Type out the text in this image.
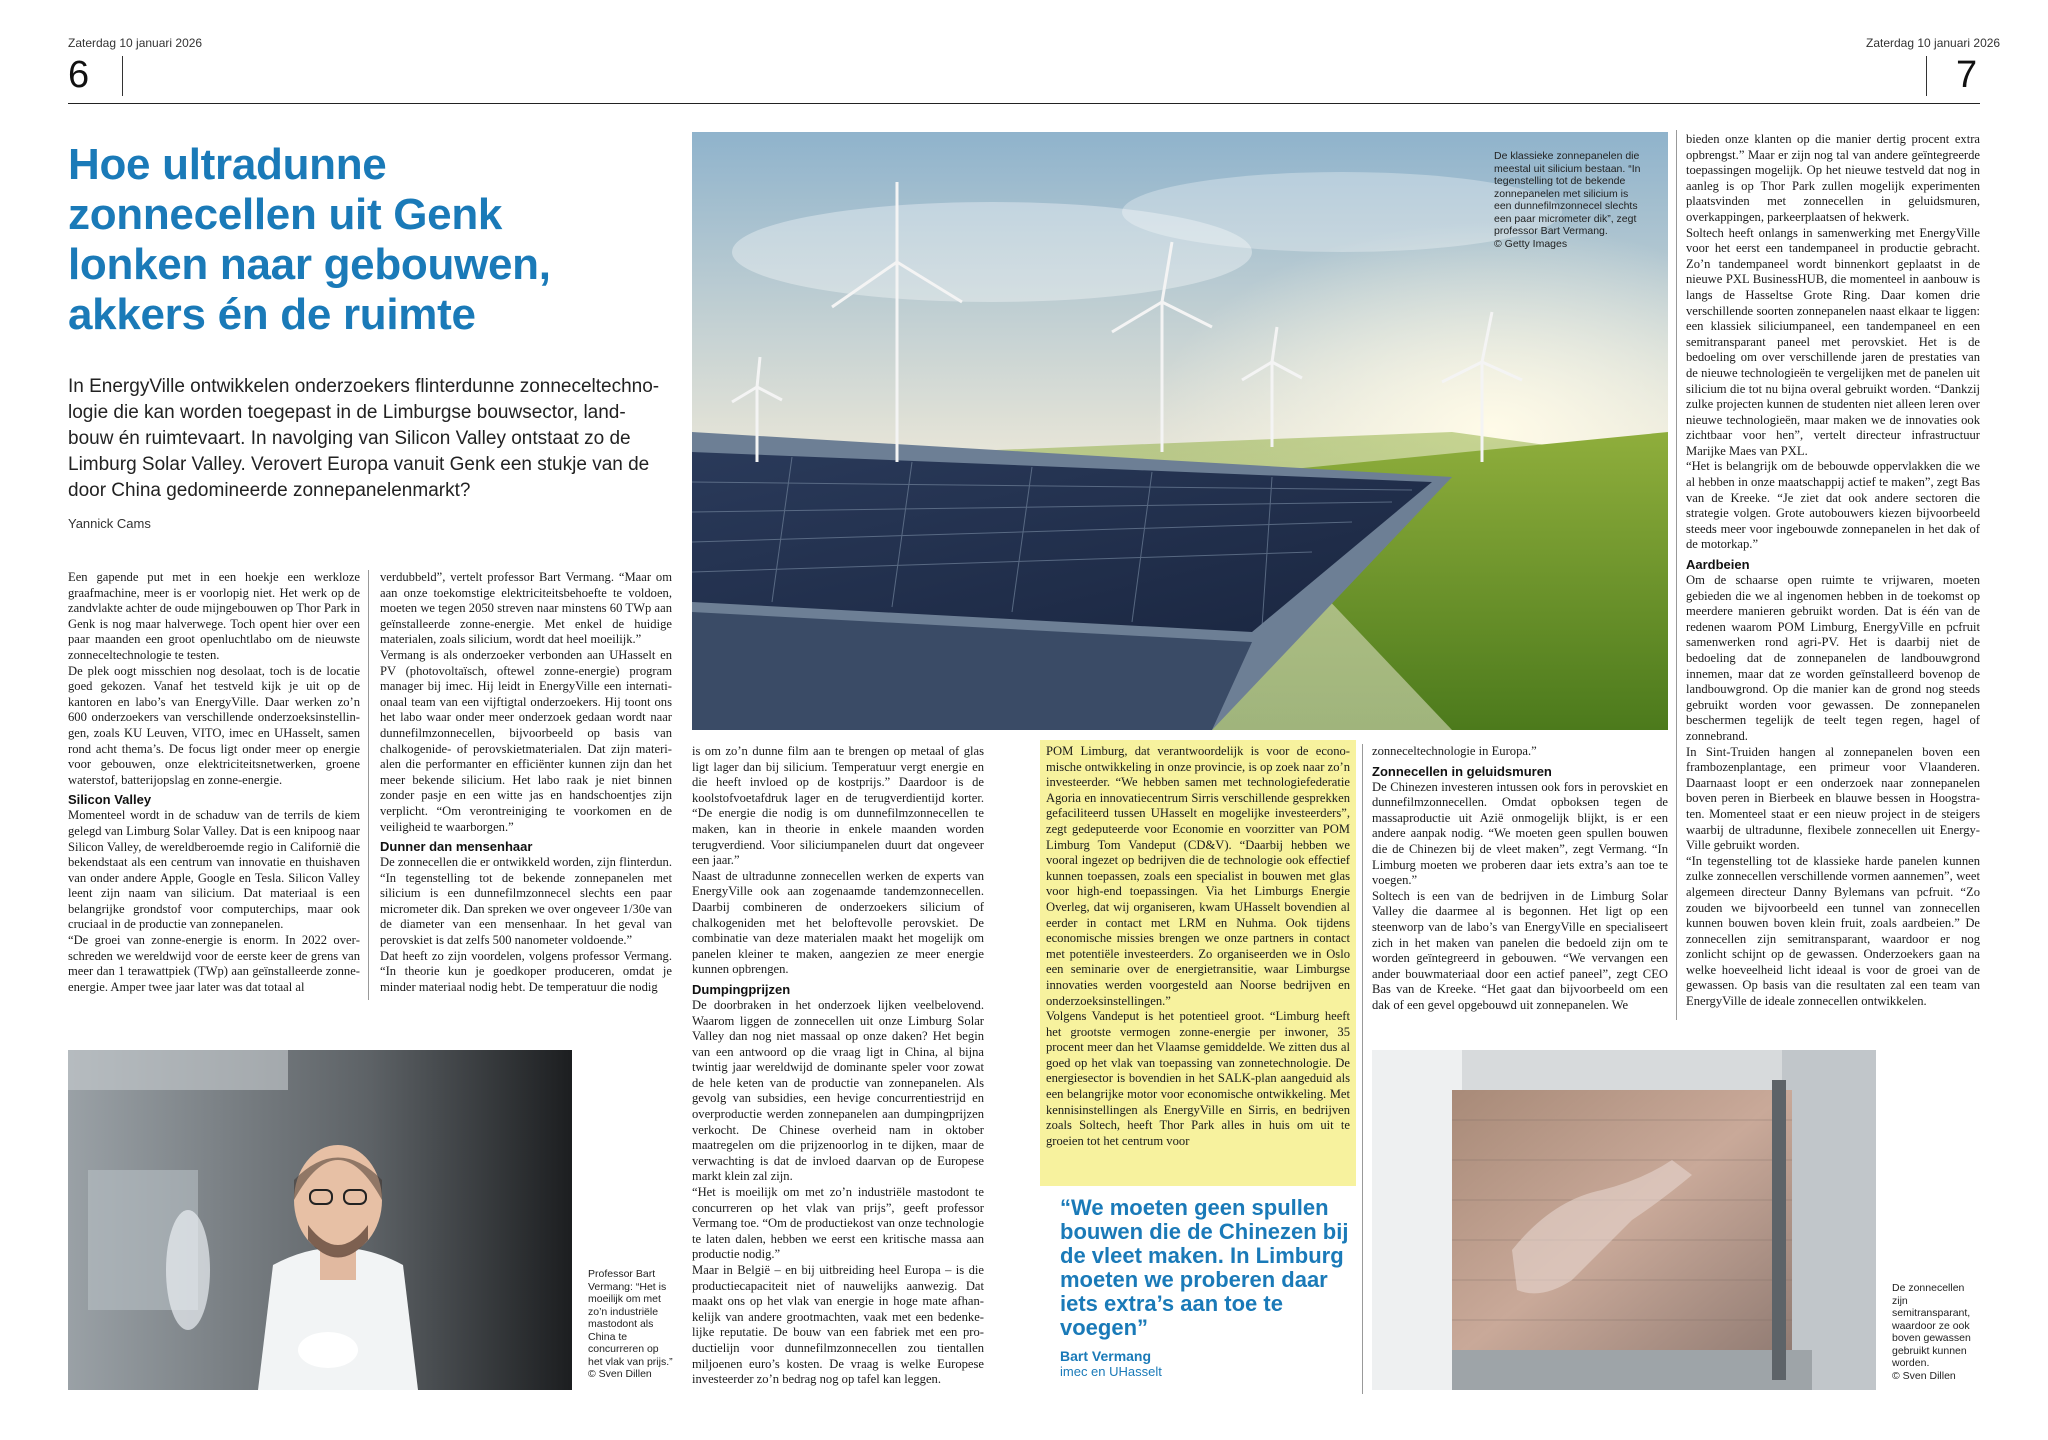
Zaterdag 10 januari 2026
6
Zaterdag 10 januari 2026
7
Hoe ultradunne
zonnecellen uit Genk
lonken naar gebouwen,
akkers én de ruimte
In EnergyVille ontwikkelen onderzoekers flinterdunne zonneceltechno-
logie die kan worden toegepast in de Limburgse bouwsector, land-
bouw én ruimtevaart. In navolging van Silicon Valley ontstaat zo de
Limburg Solar Valley. Verovert Europa vanuit Genk een stukje van de
door China gedomineerde zonnepanelenmarkt?
Yannick Cams

Een gapende put met in een hoekje een werkloze graafmachine, meer is er voorlopig niet. Het werk op de zandvlakte achter de oude mijngebouwen op Thor Park in Genk is nog maar halverwege. Toch opent hier over een paar maanden een groot openluchtlabo om de nieuwste zonneceltechnologie te testen.

De plek oogt misschien nog desolaat, toch is de locatie goed gekozen. Vanaf het testveld kijk je uit op de kantoren en labo’s van EnergyVille. Daar werken zo’n 600 onderzoekers van verschillende onderzoeksinstellingen, zoals KU Leuven, VITO, imec en UHasselt, samen rond acht thema’s. De focus ligt onder meer op energie voor gebouwen, onze elektriciteitsnetwerken, groene waterstof, batterijopslag en zonne-energie.

Silicon Valley

Momenteel wordt in de schaduw van de terrils de kiem gelegd van Limburg Solar Valley. Dat is een knipoog naar Silicon Valley, de wereldberoemde regio in Californië die bekendstaat als een centrum van innovatie en thuishaven van onder andere Apple, Google en Tesla. Silicon Valley leent zijn naam van silicium. Dat materiaal is een belangrijke grondstof voor computerchips, maar ook cruciaal in de productie van zonnepanelen.

“De groei van zonne-energie is enorm. In 2022 overschreden we wereldwijd voor de eerste keer de grens van meer dan 1 terawattpiek (TWp) aan geïnstalleerde zonne-energie. Amper twee jaar later was dat totaal al

verdubbeld”, vertelt professor Bart Vermang. “Maar om aan onze toekomstige elektriciteitsbehoefte te voldoen, moeten we tegen 2050 streven naar minstens 60 TWp aan geïnstalleerde zonne-energie. Met enkel de huidige materialen, zoals silicium, wordt dat heel moeilijk.”

Vermang is als onderzoeker verbonden aan UHasselt en PV (photovoltaïsch, oftewel zonne-energie) program manager bij imec. Hij leidt in EnergyVille een internationaal team van een vijftigtal onderzoekers. Hij toont ons het labo waar onder meer onderzoek gedaan wordt naar dunnefilmzonnecellen, bijvoorbeeld op basis van chalkogenide- of perovskietmaterialen. Dat zijn materialen die performanter en efficiënter kunnen zijn dan het meer bekende silicium. Het labo raak je niet binnen zonder pasje en een witte jas en handschoentjes zijn verplicht. “Om verontreiniging te voorkomen en de veiligheid te waarborgen.”

Dunner dan mensenhaar

De zonnecellen die er ontwikkeld worden, zijn flinterdun. “In tegenstelling tot de bekende zonnepanelen met silicium is een dunnefilmzonnecel slechts een paar micrometer dik. Dan spreken we over ongeveer 1/30e van de diameter van een mensenhaar. In het geval van perovskiet is dat zelfs 500 nanometer voldoende.”

Dat heeft zo zijn voordelen, volgens professor Vermang. “In theorie kun je goedkoper produceren, omdat je minder materiaal nodig hebt. De temperatuur die nodig

is om zo’n dunne film aan te brengen op metaal of glas ligt lager dan bij silicium. Temperatuur vergt energie en die heeft invloed op de kostprijs.” Daardoor is de koolstofvoetafdruk lager en de terugverdientijd korter. “De energie die nodig is om dunnefilmzonnecellen te maken, kan in theorie in enkele maanden worden terugverdiend. Voor siliciumpanelen duurt dat ongeveer een jaar.”

Naast de ultradunne zonnecellen werken de experts van EnergyVille ook aan zogenaamde tandemzonnecellen. Daarbij combineren de onderzoekers silicium of chalkogeniden met het beloftevolle perovskiet. De combinatie van deze materialen maakt het mogelijk om panelen kleiner te maken, aangezien ze meer energie kunnen opbrengen.

Dumpingprijzen

De doorbraken in het onderzoek lijken veelbelovend. Waarom liggen de zonnecellen uit onze Limburg Solar Valley dan nog niet massaal op onze daken? Het begin van een antwoord op die vraag ligt in China, al bijna twintig jaar wereldwijd de dominante speler voor zowat de hele keten van de productie van zonnepanelen. Als gevolg van subsidies, een hevige concurrentiestrijd en overproductie werden zonnepanelen aan dumpingprijzen verkocht. De Chinese overheid nam in oktober maatregelen om die prijzenoorlog in te dijken, maar de verwachting is dat de invloed daarvan op de Europese markt klein zal zijn.

“Het is moeilijk om met zo’n industriële mastodont te concurreren op het vlak van prijs”, geeft professor Vermang toe. “Om de productiekost van onze technologie te laten dalen, hebben we eerst een kritische massa aan productie nodig.”

Maar in België – en bij uitbreiding heel Europa – is die productiecapaciteit niet of nauwelijks aanwezig. Dat maakt ons op het vlak van energie in hoge mate afhankelijk van andere grootmachten, vaak met een bedenkelijke reputatie. De bouw van een fabriek met een productielijn voor dunnefilmzonnecellen zou tientallen miljoenen euro’s kosten. De vraag is welke Europese investeerder zo’n bedrag nog op tafel kan leggen.

POM Limburg, dat verantwoordelijk is voor de economische ontwikkeling in onze provincie, is op zoek naar zo’n investeerder. “We hebben samen met technologiefederatie Agoria en innovatiecentrum Sirris verschillende gesprekken gefaciliteerd tussen UHasselt en mogelijke investeerders”, zegt gedeputeerde voor Economie en voorzitter van POM Limburg Tom Vandeput (CD&V). “Daarbij hebben we vooral ingezet op bedrijven die de technologie ook effectief kunnen toepassen, zoals een specialist in bouwen met glas voor high-end toepassingen. Via het Limburgs Energie Overleg, dat wij organiseren, kwam UHasselt bovendien al eerder in contact met LRM en Nuhma. Ook tijdens economische missies brengen we onze partners in contact met potentiële investeerders. Zo organiseerden we in Oslo een seminarie over de energietransitie, waar Limburgse innovaties werden voorgesteld aan Noorse bedrijven en onderzoeksinstellingen.”

Volgens Vandeput is het potentieel groot. “Limburg heeft het grootste vermogen zonne-energie per inwoner, 35 procent meer dan het Vlaamse gemiddelde. We zitten dus al goed op het vlak van toepassing van zonnetechnologie. De energiesector is bovendien in het SALK-plan aangeduid als een belangrijke motor voor economische ontwikkeling. Met kennisinstellingen als EnergyVille en Sirris, en bedrijven zoals Soltech, heeft Thor Park alles in huis om uit te groeien tot het centrum voor

zonneceltechnologie in Europa.”

Zonnecellen in geluidsmuren

De Chinezen investeren intussen ook fors in perovskiet en dunnefilmzonnecellen. Omdat opboksen tegen de massaproductie uit Azië onmogelijk blijkt, is er een andere aanpak nodig. “We moeten geen spullen bouwen die de Chinezen bij de vleet maken”, zegt Vermang. “In Limburg moeten we proberen daar iets extra’s aan toe te voegen.”

Soltech is een van de bedrijven in de Limburg Solar Valley die daarmee al is begonnen. Het ligt op een steenworp van de labo’s van EnergyVille en specialiseert zich in het maken van panelen die bedoeld zijn om te worden geïntegreerd in gebouwen. “We vervangen een ander bouwmateriaal door een actief paneel”, zegt CEO Bas van de Kreeke. “Het gaat dan bijvoorbeeld om een dak of een gevel opgebouwd uit zonnepanelen. We

bieden onze klanten op die manier dertig procent extra opbrengst.” Maar er zijn nog tal van andere geïntegreerde toepassingen mogelijk. Op het nieuwe testveld dat nog in aanleg is op Thor Park zullen mogelijk experimenten plaatsvinden met zonnecellen in geluidsmuren, overkappingen, parkeerplaatsen of hekwerk.

Soltech heeft onlangs in samenwerking met EnergyVille voor het eerst een tandempaneel in productie gebracht. Zo’n tandempaneel wordt binnenkort geplaatst in de nieuwe PXL BusinessHUB, die momenteel in aanbouw is langs de Hasseltse Grote Ring. Daar komen drie verschillende soorten zonnepanelen naast elkaar te liggen: een klassiek siliciumpaneel, een tandempaneel en een semitransparant paneel met perovskiet. Het is de bedoeling om over verschillende jaren de prestaties van de nieuwe technologieën te vergelijken met de panelen uit silicium die tot nu bijna overal gebruikt worden. “Dankzij zulke projecten kunnen de studenten niet alleen leren over nieuwe technologieën, maar maken we de innovaties ook zichtbaar voor hen”, vertelt directeur infrastructuur Marijke Maes van PXL.

“Het is belangrijk om de bebouwde oppervlakken die we al hebben in onze maatschappij actief te maken”, zegt Bas van de Kreeke. “Je ziet dat ook andere sectoren die strategie volgen. Grote autobouwers kiezen bijvoorbeeld steeds meer voor ingebouwde zonnepanelen in het dak of de motorkap.”

Aardbeien

Om de schaarse open ruimte te vrijwaren, moeten gebieden die we al ingenomen hebben in de toekomst op meerdere manieren gebruikt worden. Dat is één van de redenen waarom POM Limburg, EnergyVille en pcfruit samenwerken rond agri-PV. Het is daarbij niet de bedoeling dat de zonnepanelen de landbouwgrond innemen, maar dat ze worden geïnstalleerd bovenop de landbouwgrond. Op die manier kan de grond nog steeds gebruikt worden voor gewassen. De zonnepanelen beschermen tegelijk de teelt tegen regen, hagel of zonnebrand.

In Sint-Truiden hangen al zonnepanelen boven een frambozenplantage, een primeur voor Vlaanderen. Daarnaast loopt er een onderzoek naar zonnepanelen boven peren in Bierbeek en blauwe bessen in Hoogstraten. Momenteel staat er een nieuw project in de steigers waarbij de ultradunne, flexibele zonnecellen uit EnergyVille gebruikt worden.

“In tegenstelling tot de klassieke harde panelen kunnen zulke zonnecellen verschillende vormen aannemen”, weet algemeen directeur Danny Bylemans van pcfruit. “Zo zouden we bijvoorbeeld een tunnel van zonnecellen kunnen bouwen boven klein fruit, zoals aardbeien.” De zonnecellen zijn semitransparant, waardoor er nog zonlicht schijnt op de gewassen. Onderzoekers gaan na welke hoeveelheid licht ideaal is voor de groei van de gewassen. Op basis van die resultaten zal een team van EnergyVille de ideale zonnecellen ontwikkelen.

De klassieke zonnepanelen die
meestal uit silicium bestaan. “In
tegenstelling tot de bekende
zonnepanelen met silicium is
een dunnefilmzonnecel slechts
een paar micrometer dik”, zegt
professor Bart Vermang.
© Getty Images
Professor Bart
Vermang: “Het is
moeilijk om met
zo’n industriële
mastodont als
China te
concurreren op
het vlak van prijs.”
© Sven Dillen
“We moeten geen spullen
bouwen die de Chinezen bij
de vleet maken. In Limburg
moeten we proberen daar
iets extra’s aan toe te
voegen”
Bart Vermang
imec en UHasselt
De zonnecellen
zijn
semitransparant,
waardoor ze ook
boven gewassen
gebruikt kunnen
worden.
© Sven Dillen
